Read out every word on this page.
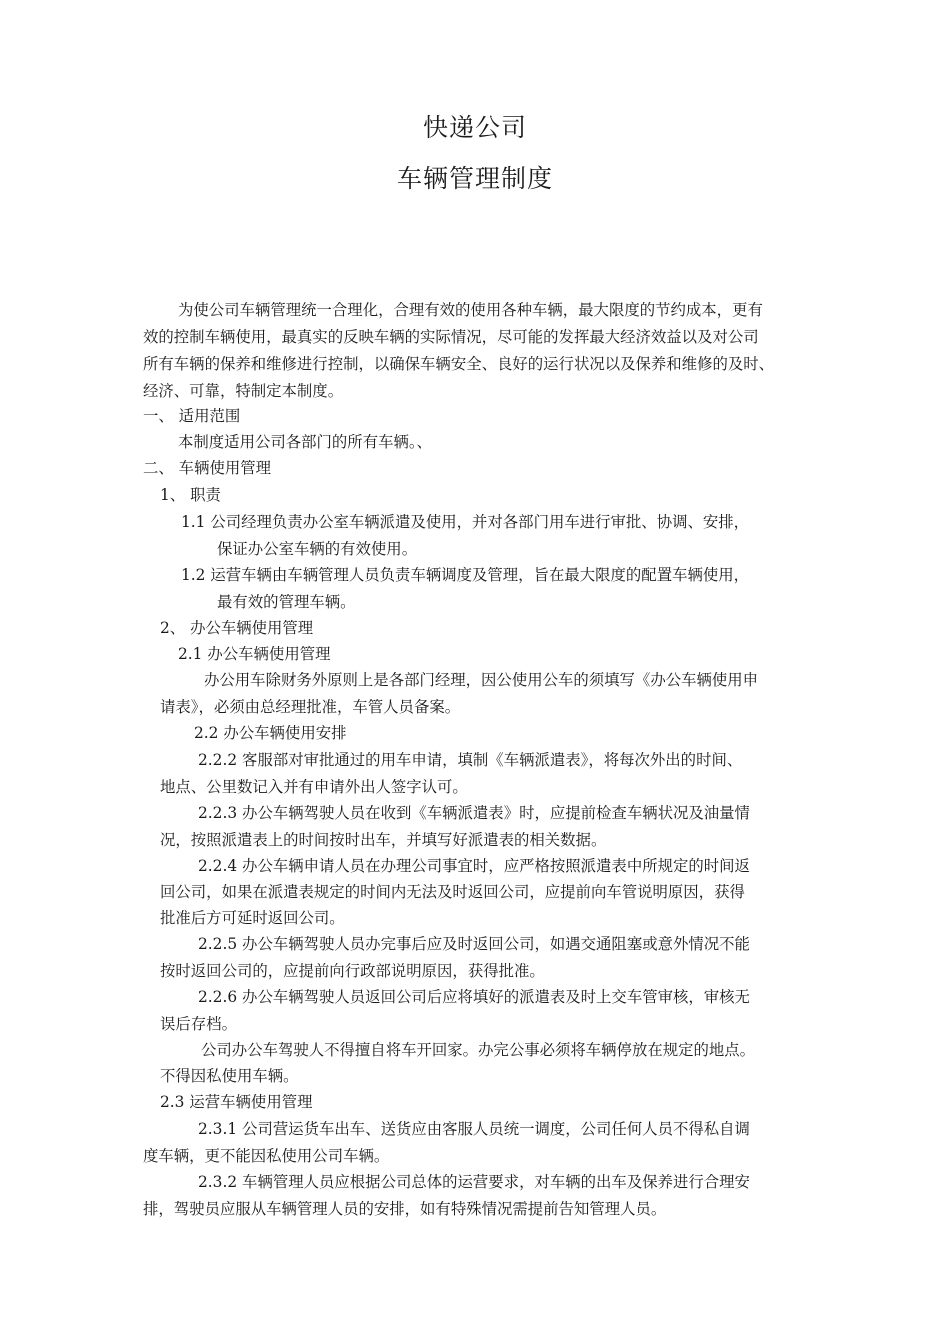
快递公司
车辆管理制度
为使公司车辆管理统一合理化，合理有效的使用各种车辆，最大限度的节约成本，更有
效的控制车辆使用，最真实的反映车辆的实际情况，尽可能的发挥最大经济效益以及对公司
所有车辆的保养和维修进行控制，以确保车辆安全、良好的运行状况以及保养和维修的及时、
经济、可靠，特制定本制度。
一、 适用范围
本制度适用公司各部门的所有车辆。、
二、 车辆使用管理
1、 职责
1.1 公司经理负责办公室车辆派遣及使用，并对各部门用车进行审批、协调、安排，
保证办公室车辆的有效使用。
1.2 运营车辆由车辆管理人员负责车辆调度及管理，旨在最大限度的配置车辆使用，
最有效的管理车辆。
2、 办公车辆使用管理
2.1 办公车辆使用管理
办公用车除财务外原则上是各部门经理，因公使用公车的须填写《办公车辆使用申
请表》，必须由总经理批准，车管人员备案。
2.2 办公车辆使用安排
2.2.2 客服部对审批通过的用车申请，填制《车辆派遣表》，将每次外出的时间、
地点、公里数记入并有申请外出人签字认可。
2.2.3 办公车辆驾驶人员在收到《车辆派遣表》时，应提前检查车辆状况及油量情
况，按照派遣表上的时间按时出车，并填写好派遣表的相关数据。
2.2.4 办公车辆申请人员在办理公司事宜时，应严格按照派遣表中所规定的时间返
回公司，如果在派遣表规定的时间内无法及时返回公司，应提前向车管说明原因，获得
批准后方可延时返回公司。
2.2.5 办公车辆驾驶人员办完事后应及时返回公司，如遇交通阻塞或意外情况不能
按时返回公司的，应提前向行政部说明原因，获得批准。
2.2.6 办公车辆驾驶人员返回公司后应将填好的派遣表及时上交车管审核，审核无
误后存档。
公司办公车驾驶人不得擅自将车开回家。办完公事必须将车辆停放在规定的地点。
不得因私使用车辆。
2.3 运营车辆使用管理
2.3.1 公司营运货车出车、送货应由客服人员统一调度，公司任何人员不得私自调
度车辆，更不能因私使用公司车辆。
2.3.2 车辆管理人员应根据公司总体的运营要求，对车辆的出车及保养进行合理安
排，驾驶员应服从车辆管理人员的安排，如有特殊情况需提前告知管理人员。
